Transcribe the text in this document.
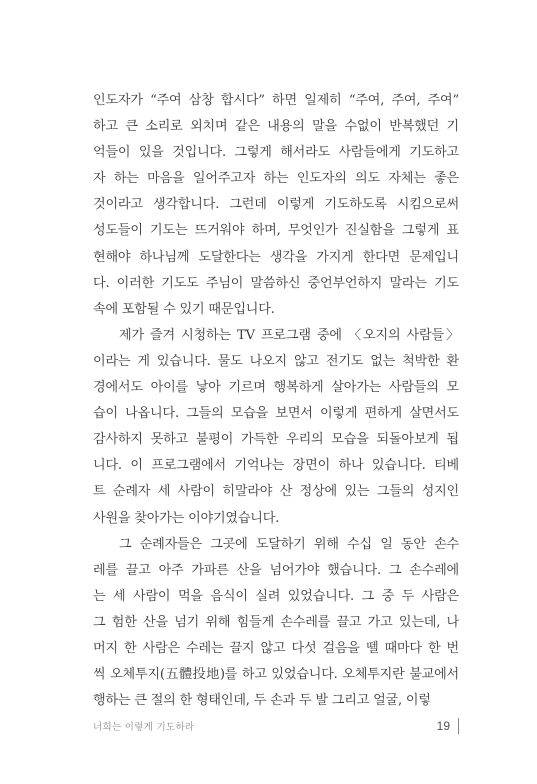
인도자가 “주여 삼창 합시다” 하면 일제히 “주여, 주여, 주여”
하고 큰 소리로 외치며 같은 내용의 말을 수없이 반복했던 기
억들이 있을 것입니다. 그렇게 해서라도 사람들에게 기도하고
자 하는 마음을 일어주고자 하는 인도자의 의도 자체는 좋은
것이라고 생각합니다. 그런데 이렇게 기도하도록 시킴으로써
성도들이 기도는 뜨거워야 하며, 무엇인가 진실함을 그렇게 표
현해야 하나님께 도달한다는 생각을 가지게 한다면 문제입니
다. 이러한 기도도 주님이 말씀하신 중언부언하지 말라는 기도
속에 포함될 수 있기 때문입니다.
제가 즐겨 시청하는 TV 프로그램 중에 〈오지의 사람들〉
이라는 게 있습니다. 물도 나오지 않고 전기도 없는 척박한 환
경에서도 아이를 낳아 기르며 행복하게 살아가는 사람들의 모
습이 나옵니다. 그들의 모습을 보면서 이렇게 편하게 살면서도
감사하지 못하고 불평이 가득한 우리의 모습을 되돌아보게 됩
니다. 이 프로그램에서 기억나는 장면이 하나 있습니다. 티베
트 순례자 세 사람이 히말라야 산 정상에 있는 그들의 성지인
사원을 찾아가는 이야기였습니다.
그 순례자들은 그곳에 도달하기 위해 수십 일 동안 손수
레를 끌고 아주 가파른 산을 넘어가야 했습니다. 그 손수레에
는 세 사람이 먹을 음식이 실려 있었습니다. 그 중 두 사람은
그 험한 산을 넘기 위해 힘들게 손수레를 끌고 가고 있는데, 나
머지 한 사람은 수레는 끌지 않고 다섯 걸음을 뗄 때마다 한 번
씩 오체투지(五體投地)를 하고 있었습니다. 오체투지란 불교에서
행하는 큰 절의 한 형태인데, 두 손과 두 발 그리고 얼굴, 이렇
너희는 이렇게 기도하라	19
